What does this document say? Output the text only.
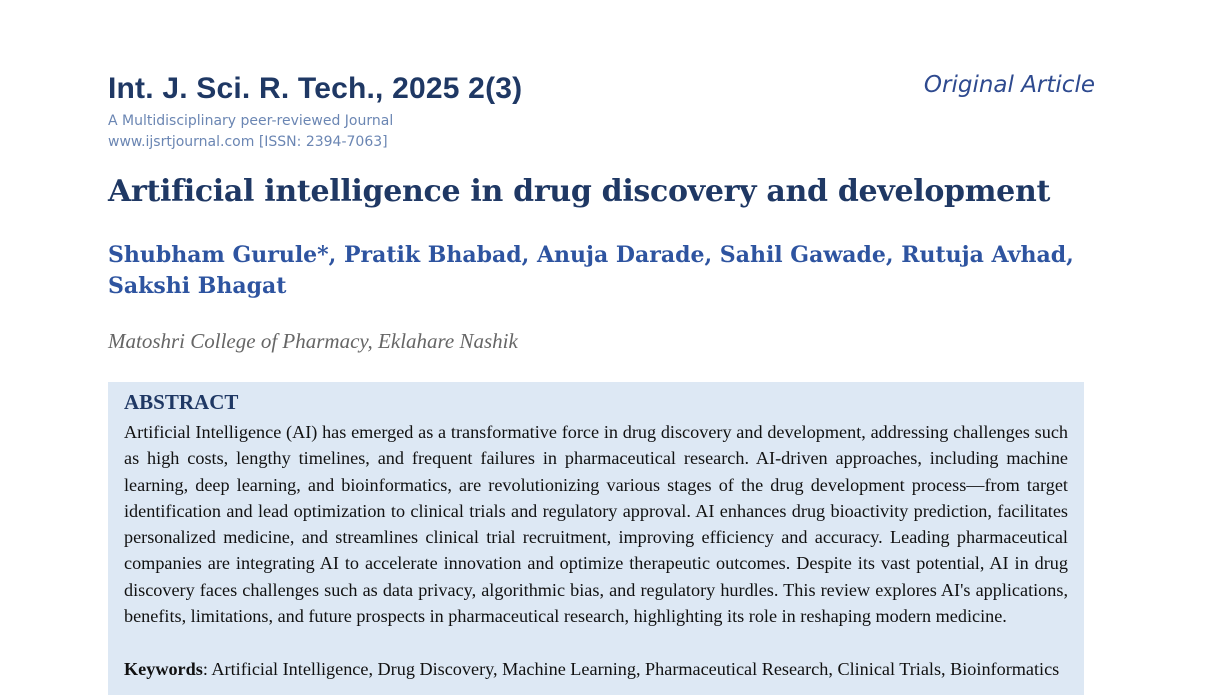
Int. J. Sci. R. Tech., 2025 2(3)	Original Article
A Multidisciplinary peer-reviewed Journal
www.ijsrtjournal.com [ISSN: 2394-7063]
Artificial intelligence in drug discovery and development
Shubham Gurule*, Pratik Bhabad, Anuja Darade, Sahil Gawade, Rutuja Avhad, Sakshi Bhagat
Matoshri College of Pharmacy, Eklahare Nashik
ABSTRACT

Artificial Intelligence (AI) has emerged as a transformative force in drug discovery and development, addressing challenges such as high costs, lengthy timelines, and frequent failures in pharmaceutical research. AI-driven approaches, including machine learning, deep learning, and bioinformatics, are revolutionizing various stages of the drug development process—from target identification and lead optimization to clinical trials and regulatory approval. AI enhances drug bioactivity prediction, facilitates personalized medicine, and streamlines clinical trial recruitment, improving efficiency and accuracy. Leading pharmaceutical companies are integrating AI to accelerate innovation and optimize therapeutic outcomes. Despite its vast potential, AI in drug discovery faces challenges such as data privacy, algorithmic bias, and regulatory hurdles. This review explores AI's applications, benefits, limitations, and future prospects in pharmaceutical research, highlighting its role in reshaping modern medicine.

Keywords: Artificial Intelligence, Drug Discovery, Machine Learning, Pharmaceutical Research, Clinical Trials, Bioinformatics
